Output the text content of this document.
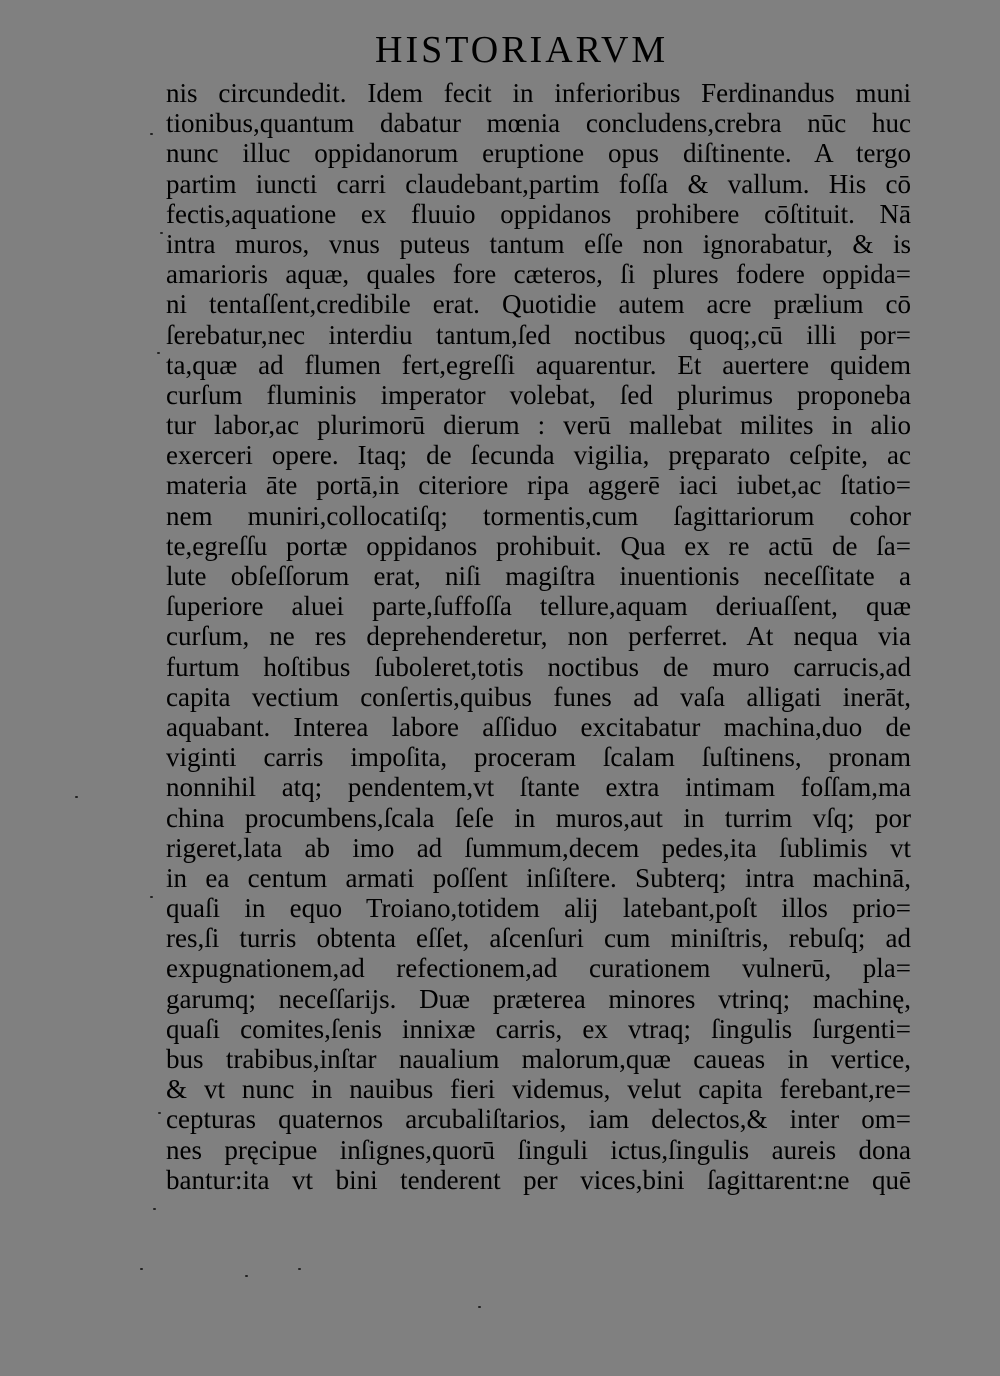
HISTORIARVM
nis circundedit. Idem fecit in inferioribus Ferdinandus muni
tionibus,quantum dabatur mœnia concludens,crebra nūc huc
nunc illuc oppidanorum eruptione opus diſtinente. A tergo
partim iuncti carri claudebant,partim foſſa & vallum. His cō
fectis,aquatione ex fluuio oppidanos prohibere cōſtituit. Nā
intra muros, vnus puteus tantum eſſe non ignorabatur, & is
amarioris aquæ, quales fore cæteros, ſi plures fodere oppida=
ni tentaſſent,credibile erat. Quotidie autem acre prælium cō
ſerebatur,nec interdiu tantum,ſed noctibus quoq;,cū illi por=
ta,quæ ad flumen fert,egreſſi aquarentur. Et auertere quidem
curſum fluminis imperator volebat, ſed plurimus proponeba
tur labor,ac plurimorū dierum : verū mallebat milites in alio
exerceri opere. Itaq; de ſecunda vigilia, pręparato ceſpite, ac
materia āte portā,in citeriore ripa aggerē iaci iubet,ac ſtatio=
nem muniri,collocatiſq; tormentis,cum ſagittariorum cohor
te,egreſſu portæ oppidanos prohibuit. Qua ex re actū de ſa=
lute obſeſſorum erat, niſi magiſtra inuentionis neceſſitate a
ſuperiore aluei parte,ſuffoſſa tellure,aquam deriuaſſent, quæ
curſum, ne res deprehenderetur, non perferret. At nequa via
furtum hoſtibus ſuboleret,totis noctibus de muro carrucis,ad
capita vectium conſertis,quibus funes ad vaſa alligati inerāt,
aquabant. Interea labore aſſiduo excitabatur machina,duo de
viginti carris impoſita, proceram ſcalam ſuſtinens, pronam
nonnihil atq; pendentem,vt ſtante extra intimam foſſam,ma
china procumbens,ſcala ſeſe in muros,aut in turrim vſq; por
rigeret,lata ab imo ad ſummum,decem pedes,ita ſublimis vt
in ea centum armati poſſent inſiſtere. Subterq; intra machinā,
quaſi in equo Troiano,totidem alij latebant,poſt illos prio=
res,ſi turris obtenta eſſet, aſcenſuri cum miniſtris, rebuſq; ad
expugnationem,ad refectionem,ad curationem vulnerū, pla=
garumq; neceſſarijs. Duæ præterea minores vtrinq; machinę,
quaſi comites,ſenis innixæ carris, ex vtraq; ſingulis ſurgenti=
bus trabibus,inſtar naualium malorum,quæ caueas in vertice,
& vt nunc in nauibus fieri videmus, velut capita ferebant,re=
cepturas quaternos arcubaliſtarios, iam delectos,& inter om=
nes pręcipue inſignes,quorū ſinguli ictus,ſingulis aureis dona
bantur:ita vt bini tenderent per vices,bini ſagittarent:ne quē
